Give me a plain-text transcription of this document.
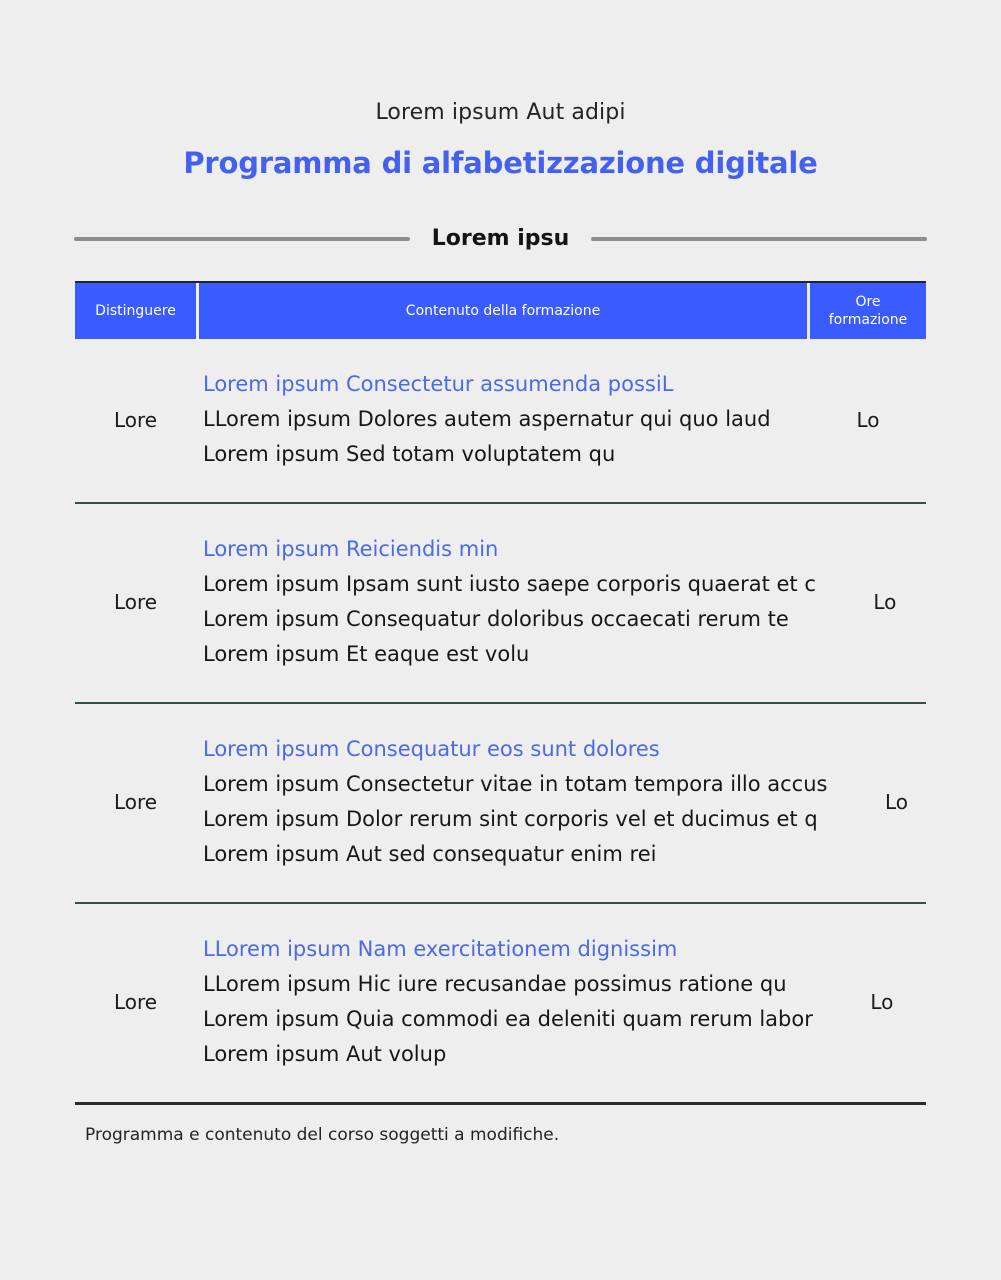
Lorem ipsum Aut adipi
Programma di alfabetizzazione digitale
Lorem ipsu
Distinguere	Contenuto della formazione
Ore formazione
Lore
Lorem ipsum Consectetur assumenda possiL
LLorem ipsum Dolores autem aspernatur qui quo laud
Lorem ipsum Sed totam voluptatem qu
Lo
Lore
Lorem ipsum Reiciendis min
Lorem ipsum Ipsam sunt iusto saepe corporis quaerat et c
Lorem ipsum Consequatur doloribus occaecati rerum te
Lorem ipsum Et eaque est volu
Lo
Lore
Lorem ipsum Consequatur eos sunt dolores
Lorem ipsum Consectetur vitae in totam tempora illo accus
Lorem ipsum Dolor rerum sint corporis vel et ducimus et q
Lorem ipsum Aut sed consequatur enim rei
Lo
Lore
LLorem ipsum Nam exercitationem dignissim
LLorem ipsum Hic iure recusandae possimus ratione qu
Lorem ipsum Quia commodi ea deleniti quam rerum labor
Lorem ipsum Aut volup
Lo
Programma e contenuto del corso soggetti a modifiche.
